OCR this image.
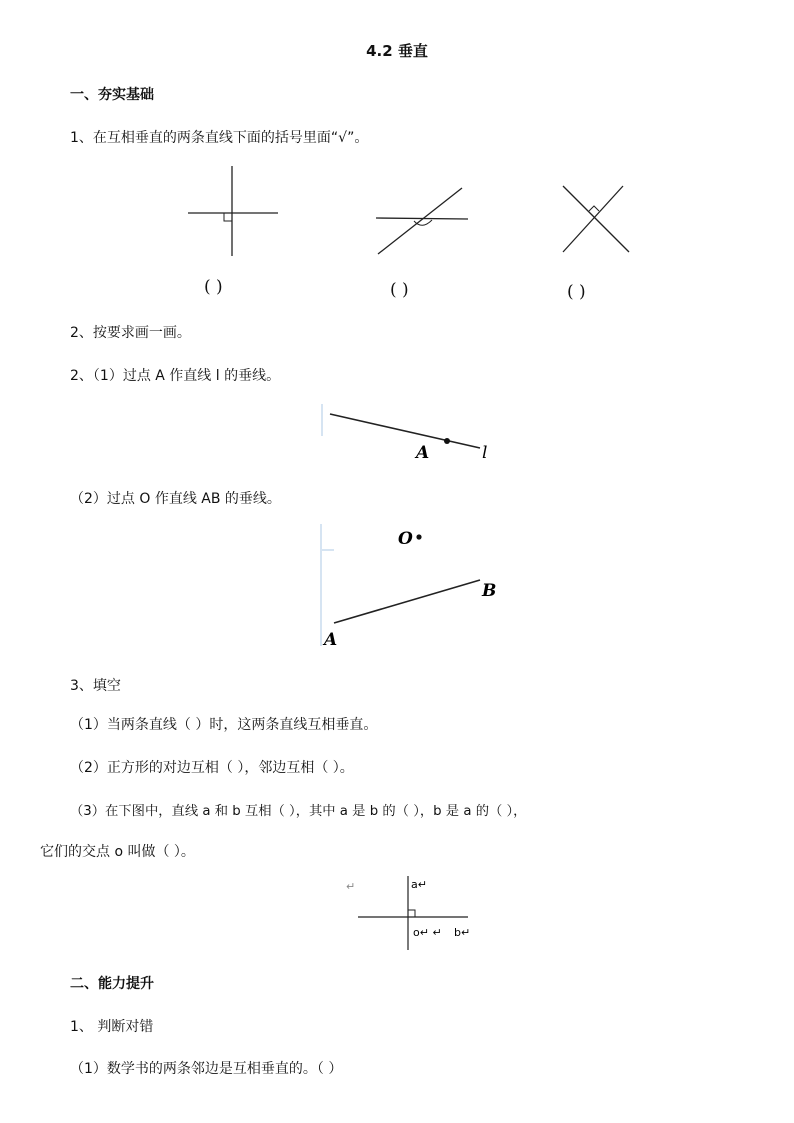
4.2 垂直
一、夯实基础
1、在互相垂直的两条直线下面的括号里面“√”。
( )	( )	( )
2、按要求画一画。
2、（1）过点 A 作直线 l 的垂线。
A	l
（2）过点 O 作直线 AB 的垂线。
O
A
B
3、填空
（1）当两条直线（ ）时，这两条直线互相垂直。
（2）正方形的对边互相（ ），邻边互相（ ）。
（3）在下图中，直线 a 和 b 互相（ ），其中 a 是 b 的（ ），b 是 a 的（ ），
它们的交点 o 叫做（ ）。
↵	a↵
o↵ ↵ b↵
二、能力提升
1、 判断对错
（1）数学书的两条邻边是互相垂直的。（ ）
